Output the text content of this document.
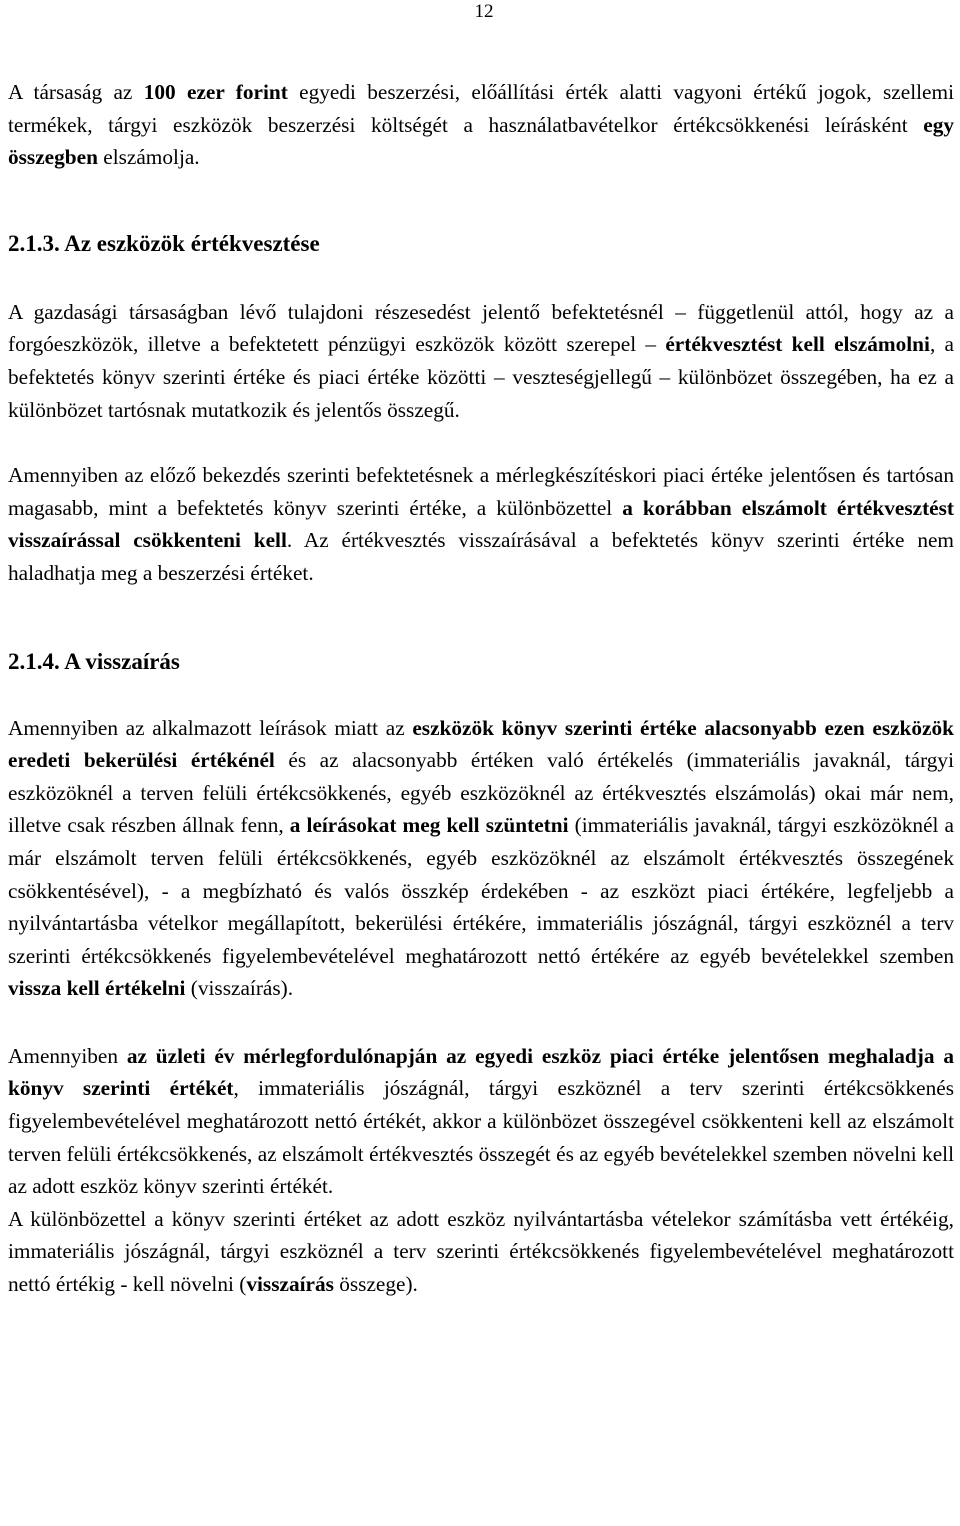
12

A társaság az 100 ezer forint egyedi beszerzési, előállítási érték alatti vagyoni értékű jogok, szellemi termékek, tárgyi eszközök beszerzési költségét a használatbavételkor értékcsökkenési leírásként egy összegben elszámolja.

2.1.3. Az eszközök értékvesztése

A gazdasági társaságban lévő tulajdoni részesedést jelentő befektetésnél – függetlenül attól, hogy az a forgóeszközök, illetve a befektetett pénzügyi eszközök között szerepel – értékvesztést kell elszámolni, a befektetés könyv szerinti értéke és piaci értéke közötti – veszteségjellegű – különbözet összegében, ha ez a különbözet tartósnak mutatkozik és jelentős összegű.

Amennyiben az előző bekezdés szerinti befektetésnek a mérlegkészítéskori piaci értéke jelentősen és tartósan magasabb, mint a befektetés könyv szerinti értéke, a különbözettel a korábban elszámolt értékvesztést visszaírással csökkenteni kell. Az értékvesztés visszaírásával a befektetés könyv szerinti értéke nem haladhatja meg a beszerzési értéket.

2.1.4. A visszaírás

Amennyiben az alkalmazott leírások miatt az eszközök könyv szerinti értéke alacsonyabb ezen eszközök eredeti bekerülési értékénél és az alacsonyabb értéken való értékelés (immateriális javaknál, tárgyi eszközöknél a terven felüli értékcsökkenés, egyéb eszközöknél az értékvesztés elszámolás) okai már nem, illetve csak részben állnak fenn, a leírásokat meg kell szüntetni (immateriális javaknál, tárgyi eszközöknél a már elszámolt terven felüli értékcsökkenés, egyéb eszközöknél az elszámolt értékvesztés összegének csökkentésével), - a megbízható és valós összkép érdekében - az eszközt piaci értékére, legfeljebb a nyilvántartásba vételkor megállapított, bekerülési értékére, immateriális jószágnál, tárgyi eszköznél a terv szerinti értékcsökkenés figyelembevételével meghatározott nettó értékére az egyéb bevételekkel szemben vissza kell értékelni (visszaírás).

Amennyiben az üzleti év mérlegfordulónapján az egyedi eszköz piaci értéke jelentősen meghaladja a könyv szerinti értékét, immateriális jószágnál, tárgyi eszköznél a terv szerinti értékcsökkenés figyelembevételével meghatározott nettó értékét, akkor a különbözet összegével csökkenteni kell az elszámolt terven felüli értékcsökkenés, az elszámolt értékvesztés összegét és az egyéb bevételekkel szemben növelni kell az adott eszköz könyv szerinti értékét.

A különbözettel a könyv szerinti értéket az adott eszköz nyilvántartásba vételekor számításba vett értékéig, immateriális jószágnál, tárgyi eszköznél a terv szerinti értékcsökkenés figyelembevételével meghatározott nettó értékig - kell növelni (visszaírás összege).
